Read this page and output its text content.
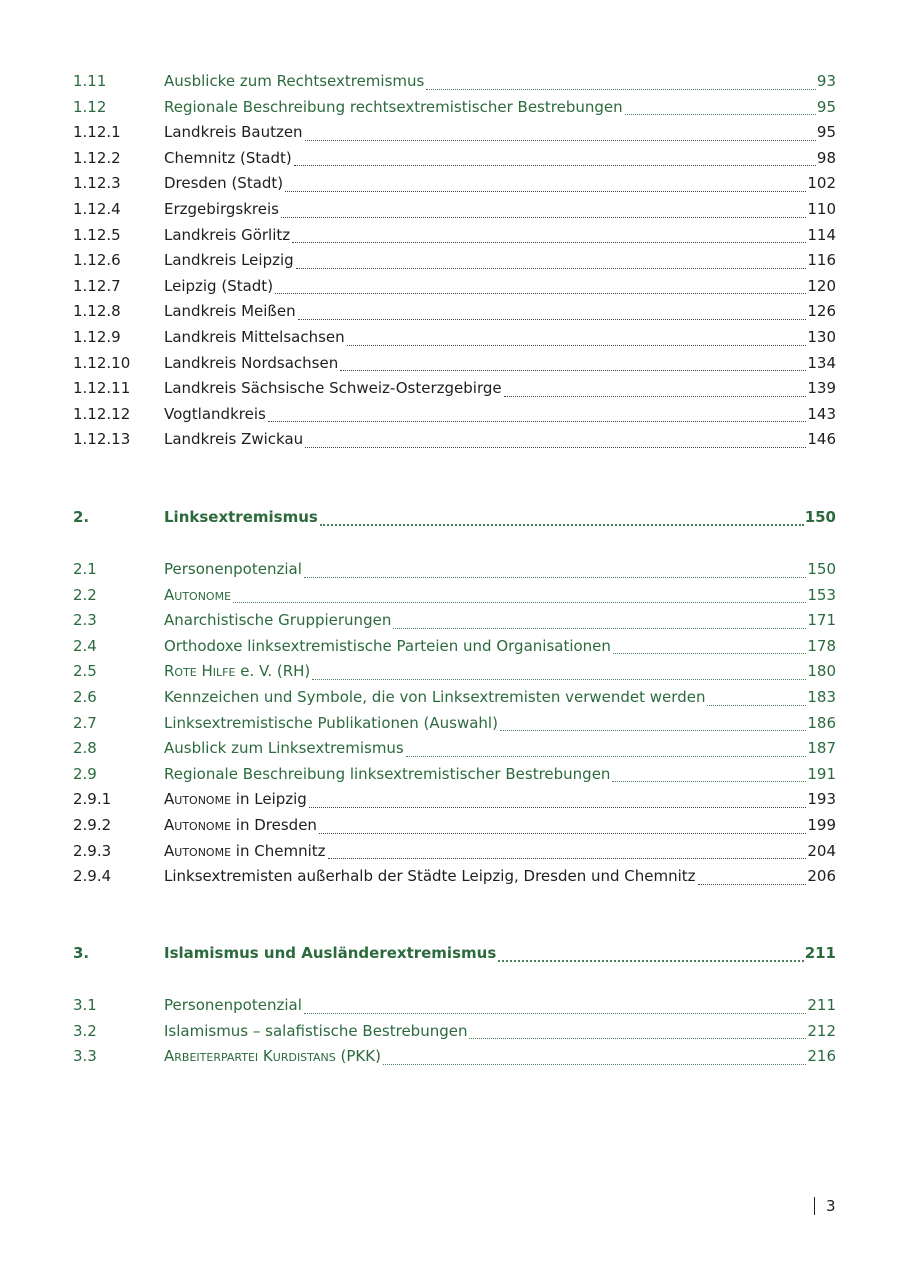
1.11	Ausblicke zum Rechtsextremismus	93
1.12	Regionale Beschreibung rechtsextremistischer Bestrebungen	95
1.12.1	Landkreis Bautzen	95
1.12.2	Chemnitz (Stadt)	98
1.12.3	Dresden (Stadt)	102
1.12.4	Erzgebirgskreis	110
1.12.5	Landkreis Görlitz	114
1.12.6	Landkreis Leipzig	116
1.12.7	Leipzig (Stadt)	120
1.12.8	Landkreis Meißen	126
1.12.9	Landkreis Mittelsachsen	130
1.12.10 Landkreis Nordsachsen	134
1.12.11 Landkreis Sächsische Schweiz-Osterzgebirge	139
1.12.12 Vogtlandkreis	143
1.12.13 Landkreis Zwickau	146
2.	Linksextremismus	150
2.1	Personenpotenzial	150
2.2	Autonome	153
2.3	Anarchistische Gruppierungen	171
2.4	Orthodoxe linksextremistische Parteien und Organisationen	178
2.5	Rote Hilfe e. V. (RH)	180
2.6	Kennzeichen und Symbole, die von Linksextremisten verwendet werden	183
2.7	Linksextremistische Publikationen (Auswahl)	186
2.8	Ausblick zum Linksextremismus	187
2.9	Regionale Beschreibung linksextremistischer Bestrebungen	191
2.9.1	Autonome in Leipzig	193
2.9.2	Autonome in Dresden	199
2.9.3	Autonome in Chemnitz	204
2.9.4	Linksextremisten außerhalb der Städte Leipzig, Dresden und Chemnitz	206
3.	Islamismus und Ausländerextremismus	211
3.1	Personenpotenzial	211
3.2	Islamismus – salafistische Bestrebungen	212
3.3	Arbeiterpartei Kurdistans (PKK)	216
3
